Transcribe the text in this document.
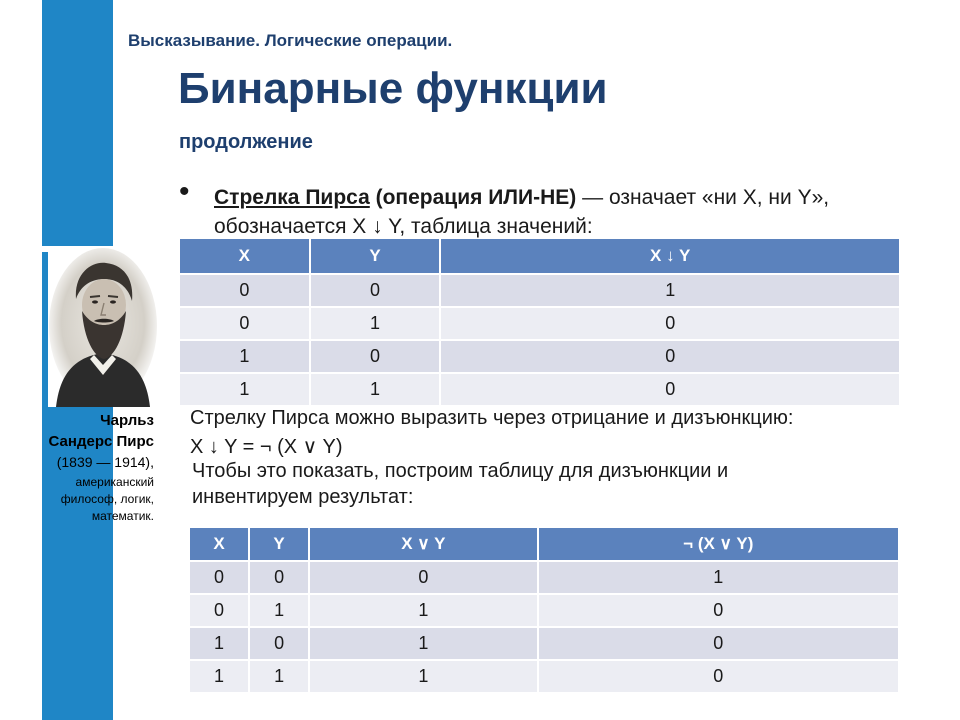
Чарльз Сандерс Пирс
(1839 — 1914),
американский философ, логик, математик.
Высказывание. Логические операции.
Бинарные функции
продолжение
• Стрелка Пирса (операция ИЛИ-НЕ) — означает «ни X, ни Y», обозначается X ↓ Y, таблица значений:
X	Y	X ↓ Y
0	0	1
0	1	0
1	0	0
1	1	0
Стрелку Пирса можно выразить через отрицание и дизъюнкцию:
X ↓ Y = ¬ (X ∨ Y)
Чтобы это показать, построим таблицу для дизъюнкции и
инвентируем результат:
X	Y	X ∨ Y	¬ (X ∨ Y)
0	0	0	1
0	1	1	0
1	0	1	0
1	1	1	0
